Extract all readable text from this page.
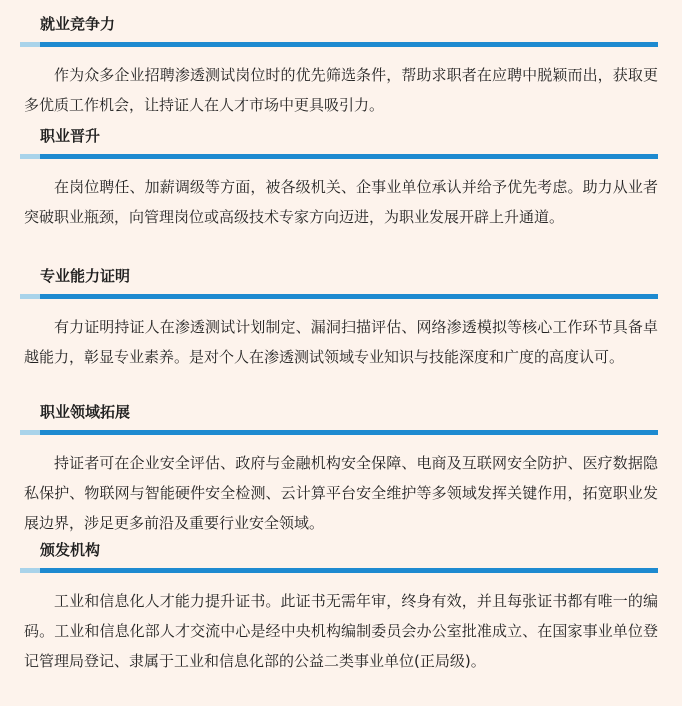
就业竞争力

作为众多企业招聘渗透测试岗位时的优先筛选条件，帮助求职者在应聘中脱颖而出，获取更多优质工作机会，让持证人在人才市场中更具吸引力。

职业晋升

在岗位聘任、加薪调级等方面，被各级机关、企事业单位承认并给予优先考虑。助力从业者突破职业瓶颈，向管理岗位或高级技术专家方向迈进，为职业发展开辟上升通道。

专业能力证明

有力证明持证人在渗透测试计划制定、漏洞扫描评估、网络渗透模拟等核心工作环节具备卓越能力，彰显专业素养。是对个人在渗透测试领域专业知识与技能深度和广度的高度认可。

职业领域拓展

持证者可在企业安全评估、政府与金融机构安全保障、电商及互联网安全防护、医疗数据隐私保护、物联网与智能硬件安全检测、云计算平台安全维护等多领域发挥关键作用，拓宽职业发展边界，涉足更多前沿及重要行业安全领域。

颁发机构

工业和信息化人才能力提升证书。此证书无需年审，终身有效，并且每张证书都有唯一的编码。工业和信息化部人才交流中心是经中央机构编制委员会办公室批准成立、在国家事业单位登记管理局登记、隶属于工业和信息化部的公益二类事业单位(正局级)。
